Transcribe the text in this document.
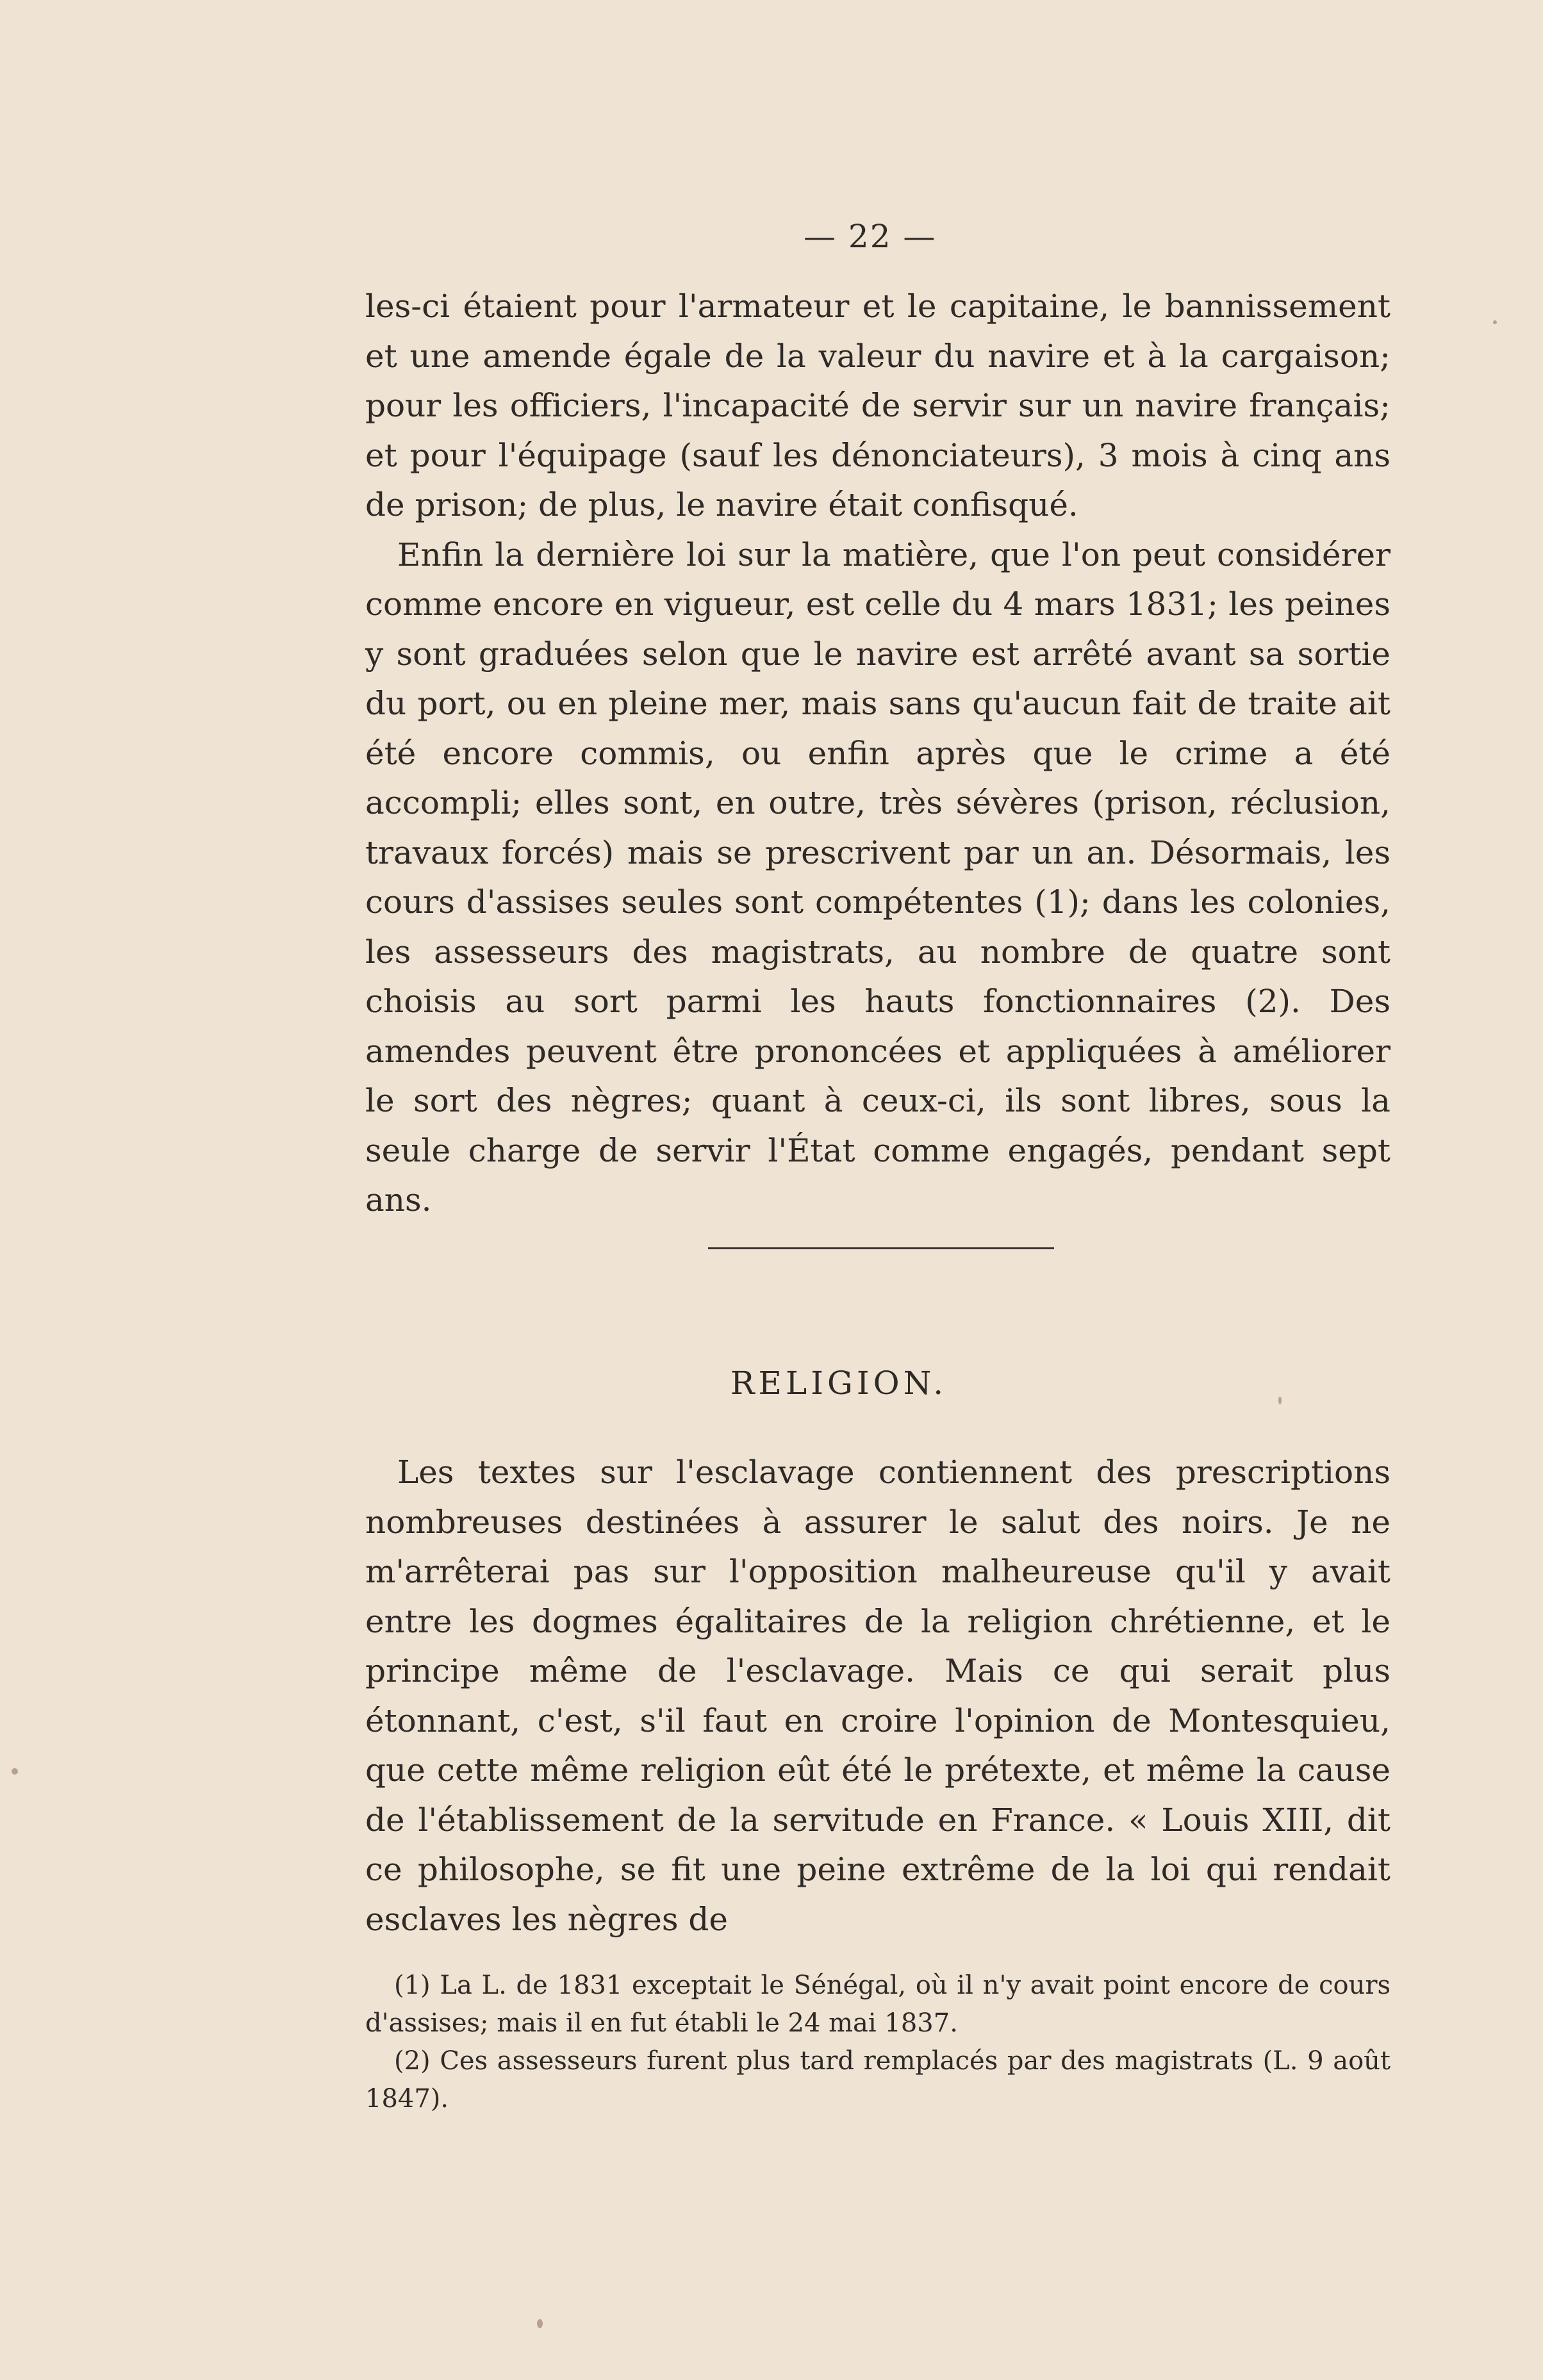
— 22 —

les-ci étaient pour l'armateur et le capitaine, le bannissement et une amende égale de la valeur du navire et à la cargaison; pour les officiers, l'incapacité de servir sur un navire français; et pour l'équipage (sauf les dénonciateurs), 3 mois à cinq ans de prison; de plus, le navire était confisqué.

Enfin la dernière loi sur la matière, que l'on peut considérer comme encore en vigueur, est celle du 4 mars 1831; les peines y sont graduées selon que le navire est arrêté avant sa sortie du port, ou en pleine mer, mais sans qu'aucun fait de traite ait été encore commis, ou enfin après que le crime a été accompli; elles sont, en outre, très sévères (prison, réclusion, travaux forcés) mais se prescrivent par un an. Désormais, les cours d'assises seules sont compétentes (1); dans les colonies, les assesseurs des magistrats, au nombre de quatre sont choisis au sort parmi les hauts fonctionnaires (2). Des amendes peuvent être prononcées et appliquées à améliorer le sort des nègres; quant à ceux-ci, ils sont libres, sous la seule charge de servir l'État comme engagés, pendant sept ans.

RELIGION.

Les textes sur l'esclavage contiennent des prescriptions nombreuses destinées à assurer le salut des noirs. Je ne m'arrêterai pas sur l'opposition malheureuse qu'il y avait entre les dogmes égalitaires de la religion chrétienne, et le principe même de l'esclavage. Mais ce qui serait plus étonnant, c'est, s'il faut en croire l'opinion de Montesquieu, que cette même religion eût été le prétexte, et même la cause de l'établissement de la servitude en France. « Louis XIII, dit ce philosophe, se fit une peine extrême de la loi qui rendait esclaves les nègres de

(1) La L. de 1831 exceptait le Sénégal, où il n'y avait point encore de cours d'assises; mais il en fut établi le 24 mai 1837.

(2) Ces assesseurs furent plus tard remplacés par des magistrats (L. 9 août 1847).
